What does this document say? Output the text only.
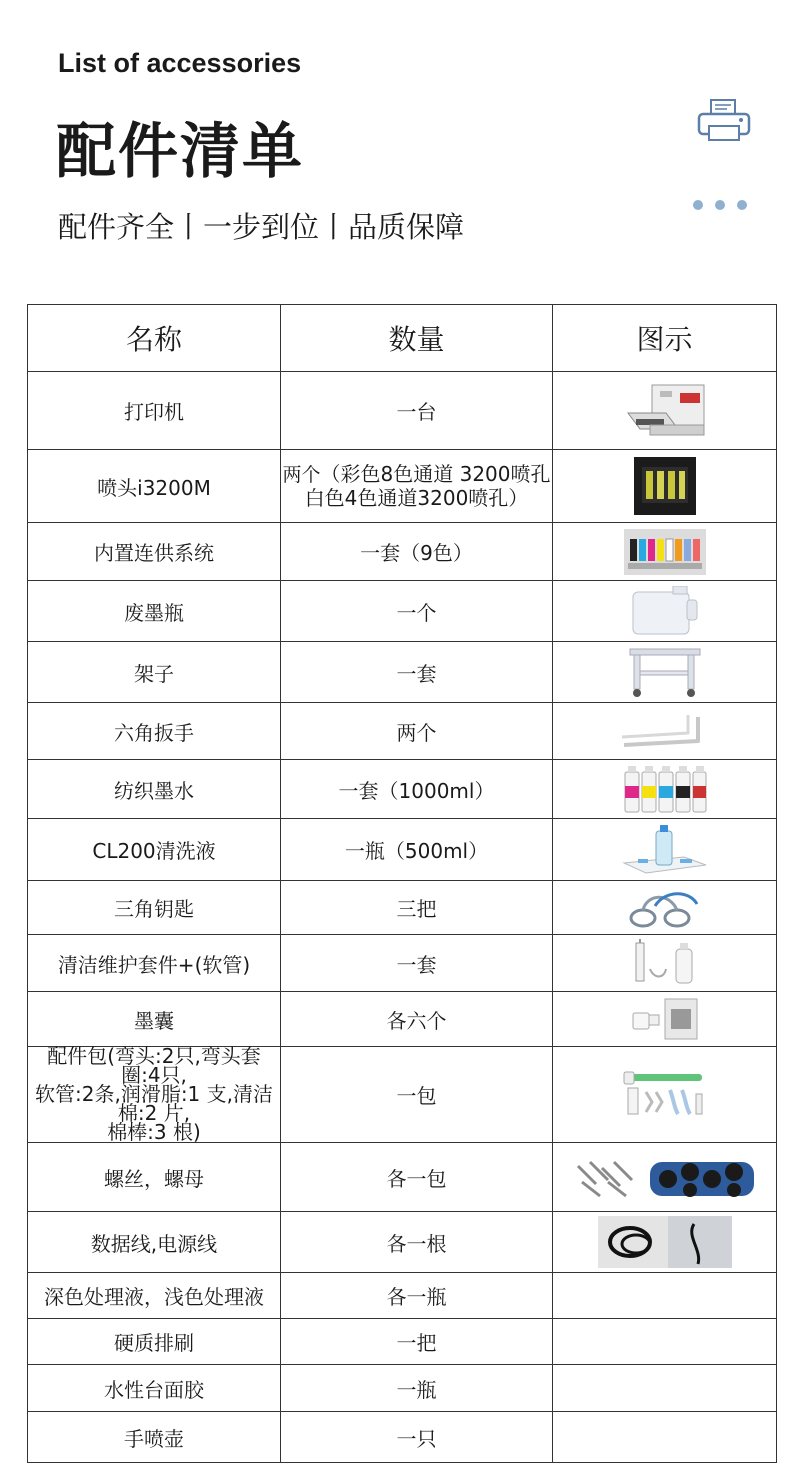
List of accessories
配件清单
配件齐全丨一步到位丨品质保障
名称	数量	图示
打印机	一台	

喷头i3200M	两个（彩色8色通道 3200喷孔
白色4色通道3200喷孔）	

内置连供系统	一套（9色）	

废墨瓶	一个	

架子	一套	

六角扳手	两个	

纺织墨水	一套（1000ml）	

CL200清洗液	一瓶（500ml）	

三角钥匙	三把	

清洁维护套件+(软管)	一套	

墨囊	各六个	

配件包(弯头:2只,弯头套圈:4只,
软管:2条,润滑脂:1 支,清洁棉:2 片,
棉棒:3 根)	一包	

螺丝，螺母	各一包	

数据线,电源线	各一根	

深色处理液，浅色处理液	各一瓶	
硬质排刷	一把	
水性台面胶	一瓶	
手喷壶	一只	
